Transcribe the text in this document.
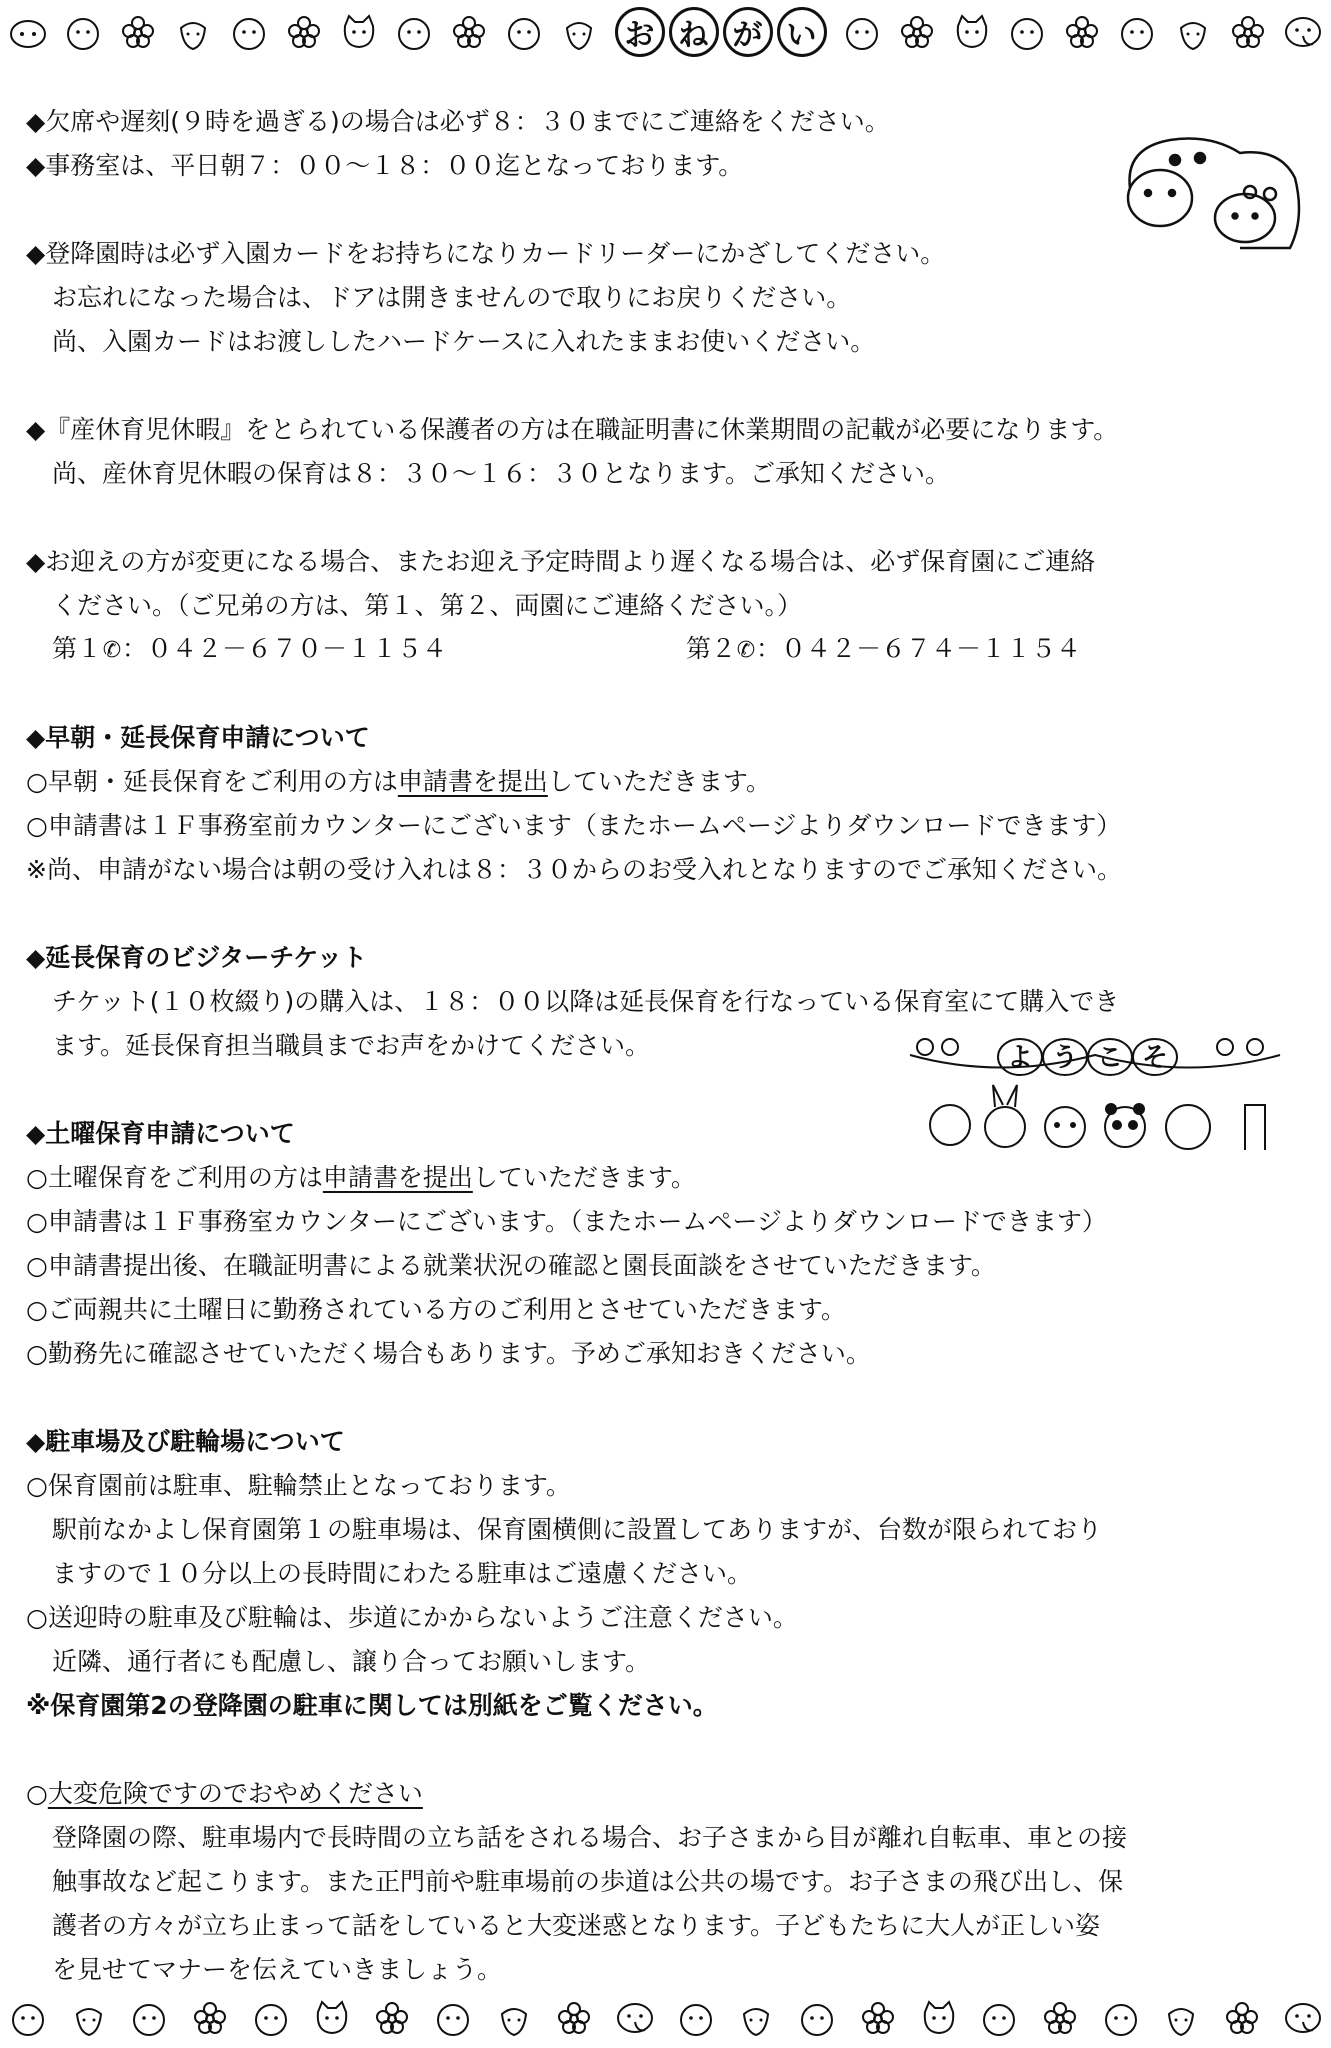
お ね が い
◆欠席や遅刻(９時を過ぎる)の場合は必ず８：３０までにご連絡をください。
◆事務室は、平日朝７：００～１８：００迄となっております。
◆登降園時は必ず入園カードをお持ちになりカードリーダーにかざしてください。
お忘れになった場合は、ドアは開きませんので取りにお戻りください。
尚、入園カードはお渡ししたハードケースに入れたままお使いください。
◆『産休育児休暇』をとられている保護者の方は在職証明書に休業期間の記載が必要になります。
尚、産休育児休暇の保育は８：３０～１６：３０となります。ご承知ください。
◆お迎えの方が変更になる場合、またお迎え予定時間より遅くなる場合は、必ず保育園にご連絡
ください。（ご兄弟の方は、第１、第２、両園にご連絡ください。）
第１✆：０４２－６７０－１１５４	第２✆：０４２－６７４－１１５４
◆早朝・延長保育申請について
○早朝・延長保育をご利用の方は申請書を提出していただきます。
○申請書は１Ｆ事務室前カウンターにございます（またホームページよりダウンロードできます）
※尚、申請がない場合は朝の受け入れは８：３０からのお受入れとなりますのでご承知ください。
◆延長保育のビジターチケット
チケット(１０枚綴り)の購入は、１８：００以降は延長保育を行なっている保育室にて購入でき
ます。延長保育担当職員までお声をかけてください。
◆土曜保育申請について
○土曜保育をご利用の方は申請書を提出していただきます。
○申請書は１Ｆ事務室カウンターにございます。（またホームページよりダウンロードできます）
○申請書提出後、在職証明書による就業状況の確認と園長面談をさせていただきます。
○ご両親共に土曜日に勤務されている方のご利用とさせていただきます。
○勤務先に確認させていただく場合もあります。予めご承知おきください。
◆駐車場及び駐輪場について
○保育園前は駐車、駐輪禁止となっております。
駅前なかよし保育園第１の駐車場は、保育園横側に設置してありますが、台数が限られており
ますので１０分以上の長時間にわたる駐車はご遠慮ください。
○送迎時の駐車及び駐輪は、歩道にかからないようご注意ください。
近隣、通行者にも配慮し、譲り合ってお願いします。
※保育園第2の登降園の駐車に関しては別紙をご覧ください。
○大変危険ですのでおやめください
登降園の際、駐車場内で長時間の立ち話をされる場合、お子さまから目が離れ自転車、車との接
触事故など起こります。また正門前や駐車場前の歩道は公共の場です。お子さまの飛び出し、保
護者の方々が立ち止まって話をしていると大変迷惑となります。子どもたちに大人が正しい姿
を見せてマナーを伝えていきましょう。
よ う こ そ
